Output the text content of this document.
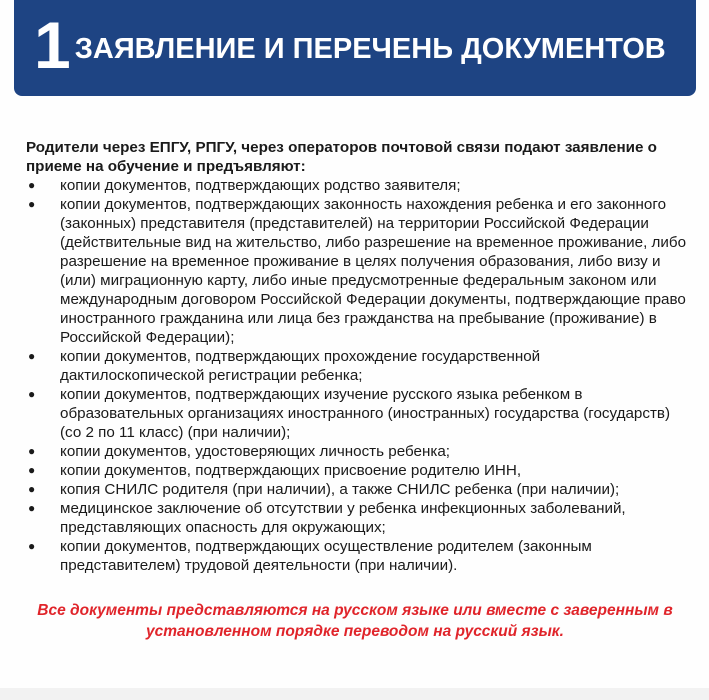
1 ЗАЯВЛЕНИЕ И ПЕРЕЧЕНЬ ДОКУМЕНТОВ

Родители через ЕПГУ, РПГУ, через операторов почтовой связи подают заявление о приеме на обучение и предъявляют:

● копии документов, подтверждающих родство заявителя;
● копии документов, подтверждающих законность нахождения ребенка и его законного (законных) представителя (представителей) на территории Российской Федерации (действительные вид на жительство, либо разрешение на временное проживание, либо разрешение на временное проживание в целях получения образования, либо визу и (или) миграционную карту, либо иные предусмотренные федеральным законом или международным договором Российской Федерации документы, подтверждающие право иностранного гражданина или лица без гражданства на пребывание (проживание) в Российской Федерации);
● копии документов, подтверждающих прохождение государственной дактилоскопической регистрации ребенка;
● копии документов, подтверждающих изучение русского языка ребенком в образовательных организациях иностранного (иностранных) государства (государств) (со 2 по 11 класс) (при наличии);
● копии документов, удостоверяющих личность ребенка;
● копии документов, подтверждающих присвоение родителю ИНН,
● копия СНИЛС родителя (при наличии), а также СНИЛС ребенка (при наличии);
● медицинское заключение об отсутствии у ребенка инфекционных заболеваний, представляющих опасность для окружающих;
● копии документов, подтверждающих осуществление родителем (законным представителем) трудовой деятельности (при наличии).
Все документы представляются на русском языке или вместе с заверенным в установленном порядке переводом на русский язык.
